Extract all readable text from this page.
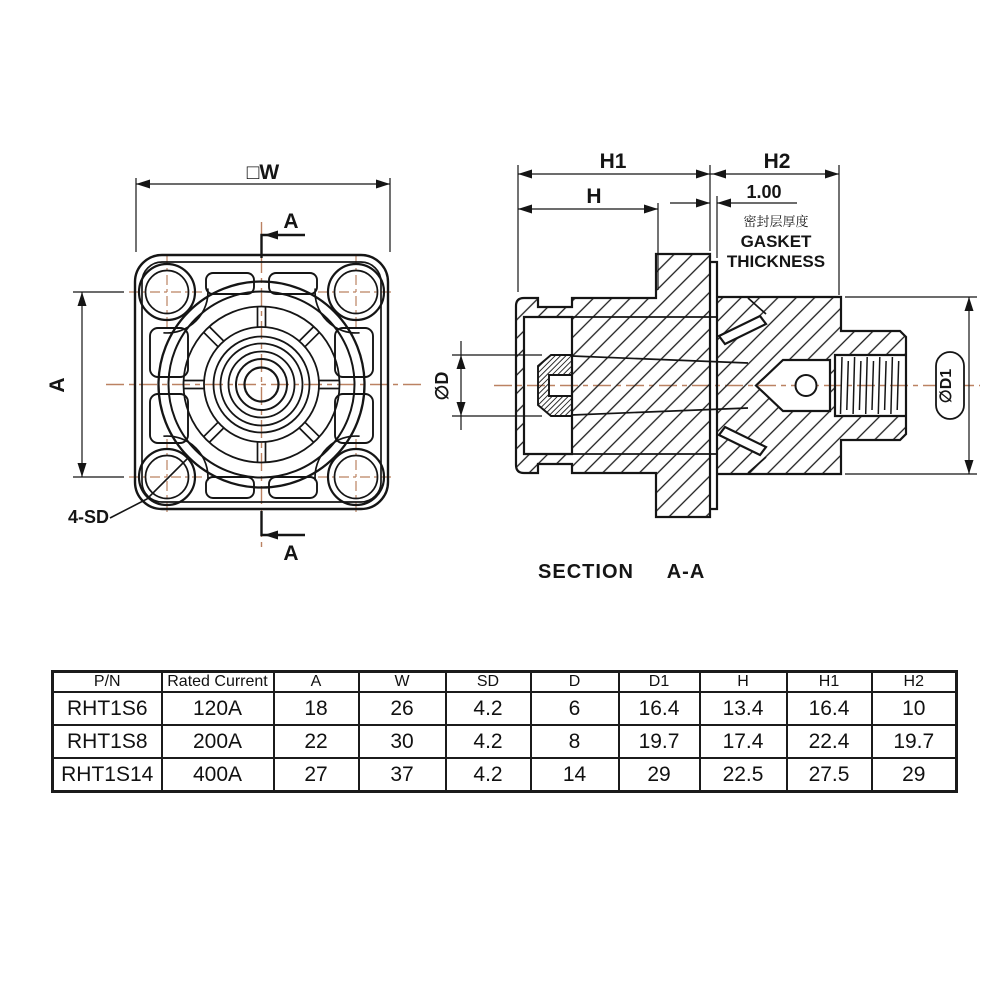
□W
A
4-SD
A
A
H1	H2
H	1.00
密封层厚度
GASKET
THICKNESS
∅D	∅D1
SECTION A-A
P/N	Rated Current	A	W	SD	D	D1	H	H1	H2
RHT1S6	120A	18	26	4.2	6	16.4	13.4	16.4	10
RHT1S8	200A	22	30	4.2	8	19.7	17.4	22.4	19.7
RHT1S14	400A	27	37	4.2	14	29	22.5	27.5	29
